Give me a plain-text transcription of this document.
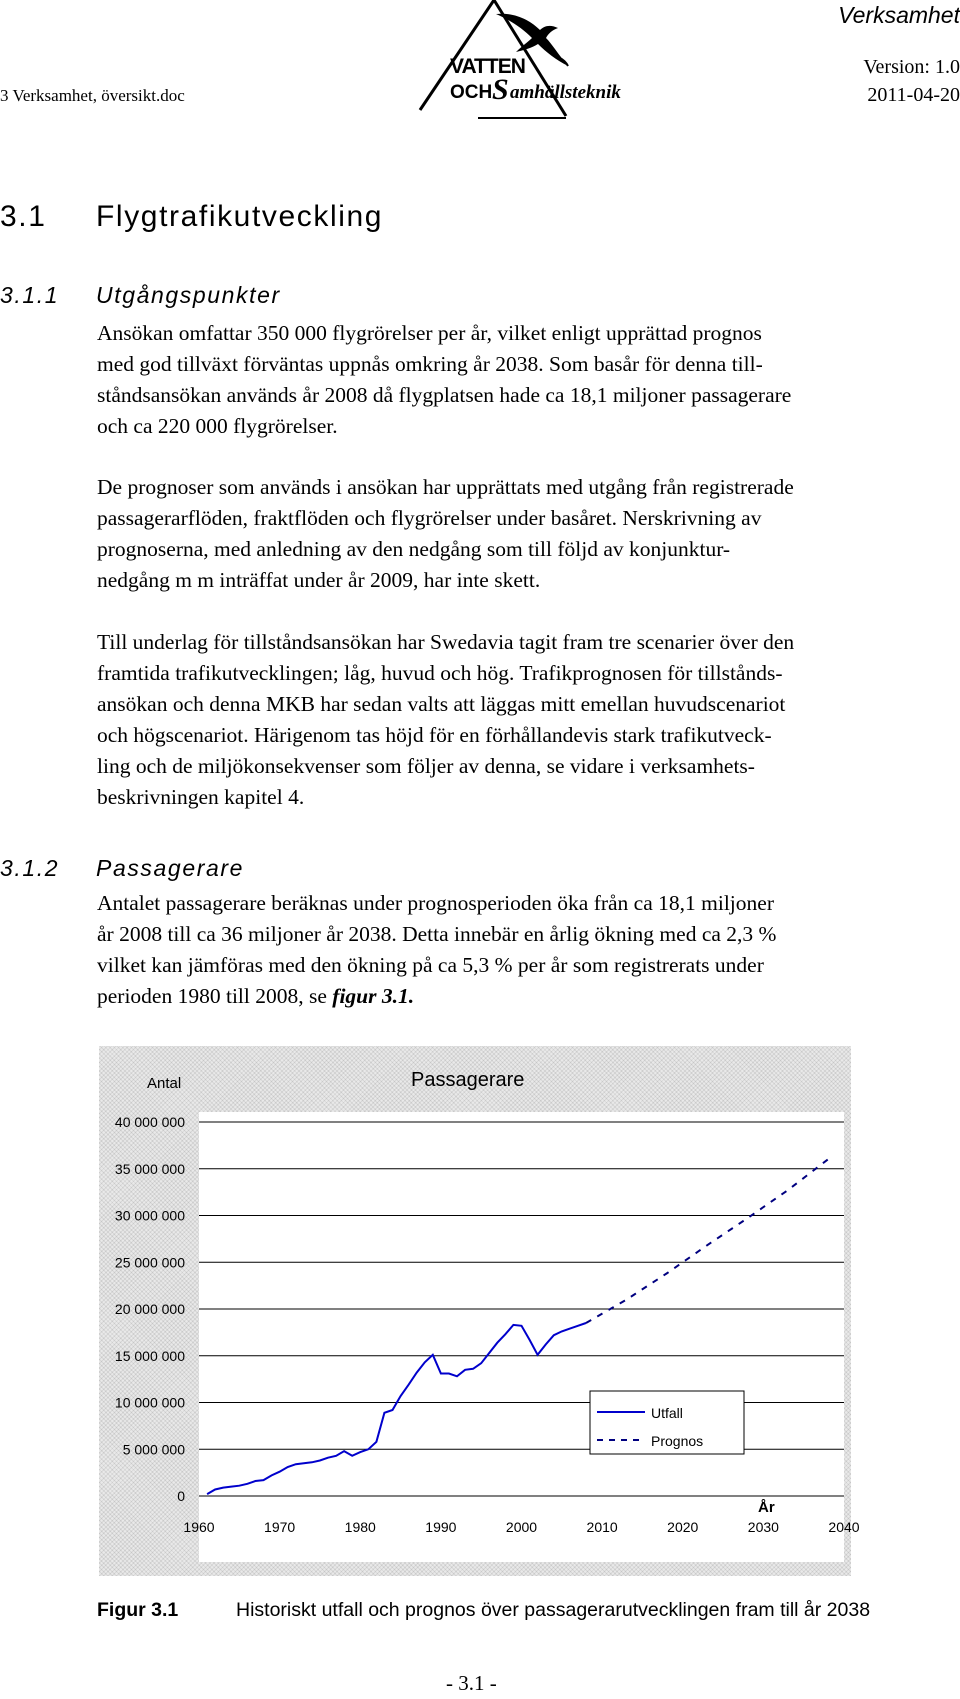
3 Verksamhet, översikt.doc
Verksamhet
Version: 1.0
2011-04-20
VATTEN
OCH S amhällsteknik
3.1 Flygtrafikutveckling
3.1.1 Utgångspunkter
Ansökan omfattar 350 000 flygrörelser per år, vilket enligt upprättad prognos
med god tillväxt förväntas uppnås omkring år 2038. Som basår för denna till-
ståndsansökan används år 2008 då flygplatsen hade ca 18,1 miljoner passagerare
och ca 220 000 flygrörelser.
De prognoser som används i ansökan har upprättats med utgång från registrerade
passagerarflöden, fraktflöden och flygrörelser under basåret. Nerskrivning av
prognoserna, med anledning av den nedgång som till följd av konjunktur-
nedgång m m inträffat under år 2009, har inte skett.
Till underlag för tillståndsansökan har Swedavia tagit fram tre scenarier över den
framtida trafikutvecklingen; låg, huvud och hög. Trafikprognosen för tillstånds-
ansökan och denna MKB har sedan valts att läggas mitt emellan huvudscenariot
och högscenariot. Härigenom tas höjd för en förhållandevis stark trafikutveck-
ling och de miljökonsekvenser som följer av denna, se vidare i verksamhets-
beskrivningen kapitel 4.
3.1.2 Passagerare
Antalet passagerare beräknas under prognosperioden öka från ca 18,1 miljoner
år 2008 till ca 36 miljoner år 2038. Detta innebär en årlig ökning med ca 2,3 %
vilket kan jämföras med den ökning på ca 5,3 % per år som registrerats under
perioden 1980 till 2008, se figur 3.1.
0
5 000 000
10 000 000
15 000 000
20 000 000
25 000 000
30 000 000
35 000 000
40 000 000
1960	1970	1980	1990	2000	2010	2020	2030	2040
Passagerare
Antal
År
Utfall
Prognos
Figur 3.1	Historiskt utfall och prognos över passagerarutvecklingen fram till år 2038
- 3.1 -
